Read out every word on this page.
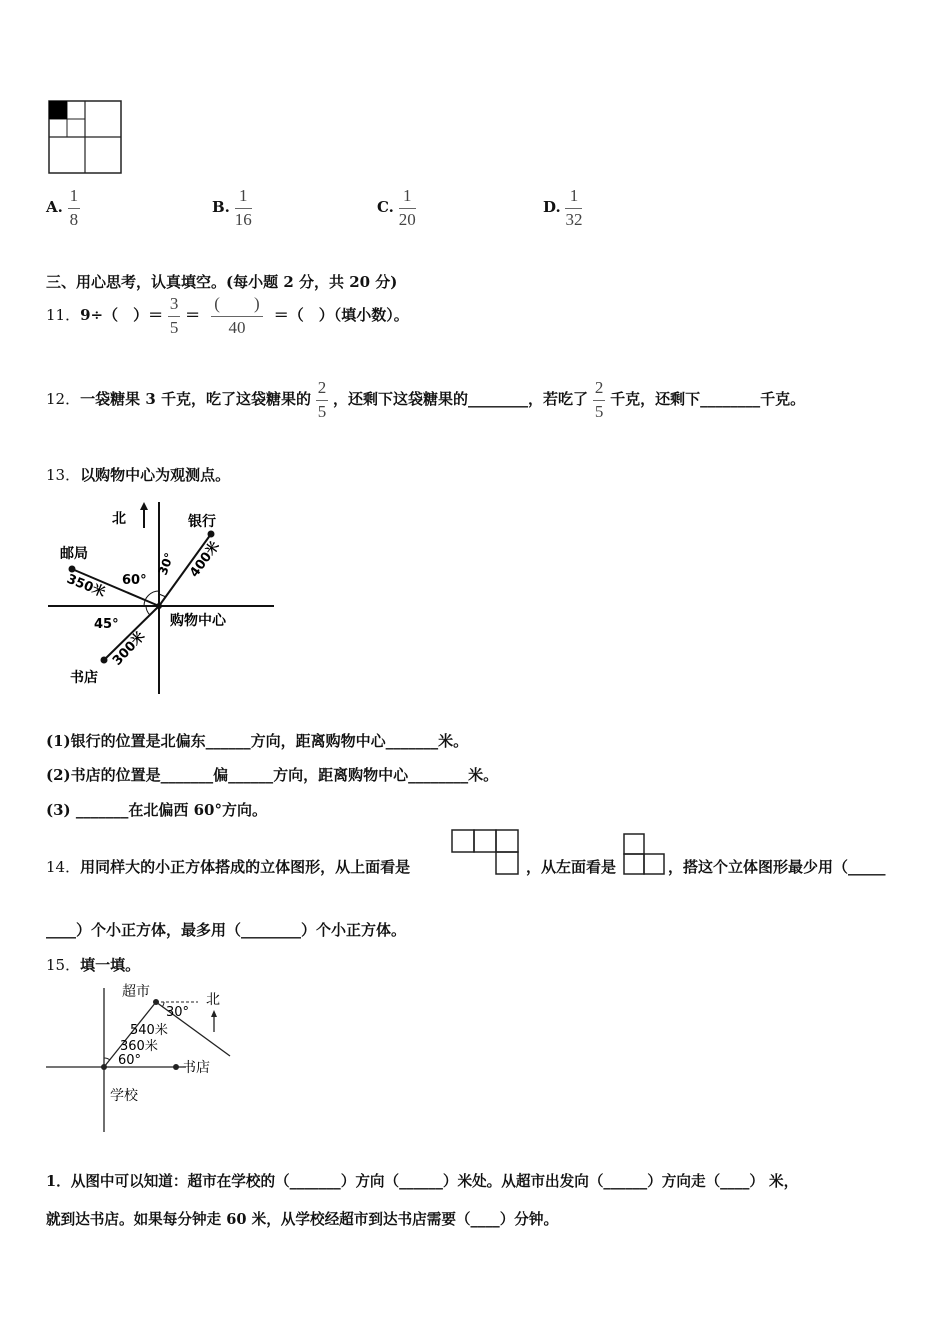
A. $\frac{1}{8}$	B. $\frac{1}{16}$	C. $\frac{1}{20}$	D. $\frac{1}{32}$
三、用心思考，认真填空。(每小题 2 分，共 20 分)
11．9÷（　）＝ $\frac{3}{5} = \frac{( )}{40}$ ＝（　）（填小数）。
12．一袋糖果 3 千克，吃了这袋糖果的 $\frac{2}{5}$ ，还剩下这袋糖果的________，若吃了 $\frac{2}{5}$ 千克，还剩下________千克。
13．以购物中心为观测点。
北	银行
400米
30°
邮局
350米 60°
书店
300米
45°	购物中心
(1)银行的位置是北偏东______方向，距离购物中心_______米。
(2)书店的位置是_______偏______方向，距离购物中心________米。
(3) _______在北偏西 60°方向。
14．用同样大的小正方体搭成的立体图形，从上面看是	，从左面看是	，搭这个立体图形最少用（_____
____）个小正方体，最多用（________）个小正方体。
15．填一填。
北
超市
30°
540米
360米
60°	书店
学校
1．从图中可以知道：超市在学校的（_______）方向（______）米处。从超市出发向（______）方向走（____） 米，
就到达书店。如果每分钟走 60 米，从学校经超市到达书店需要（____）分钟。
